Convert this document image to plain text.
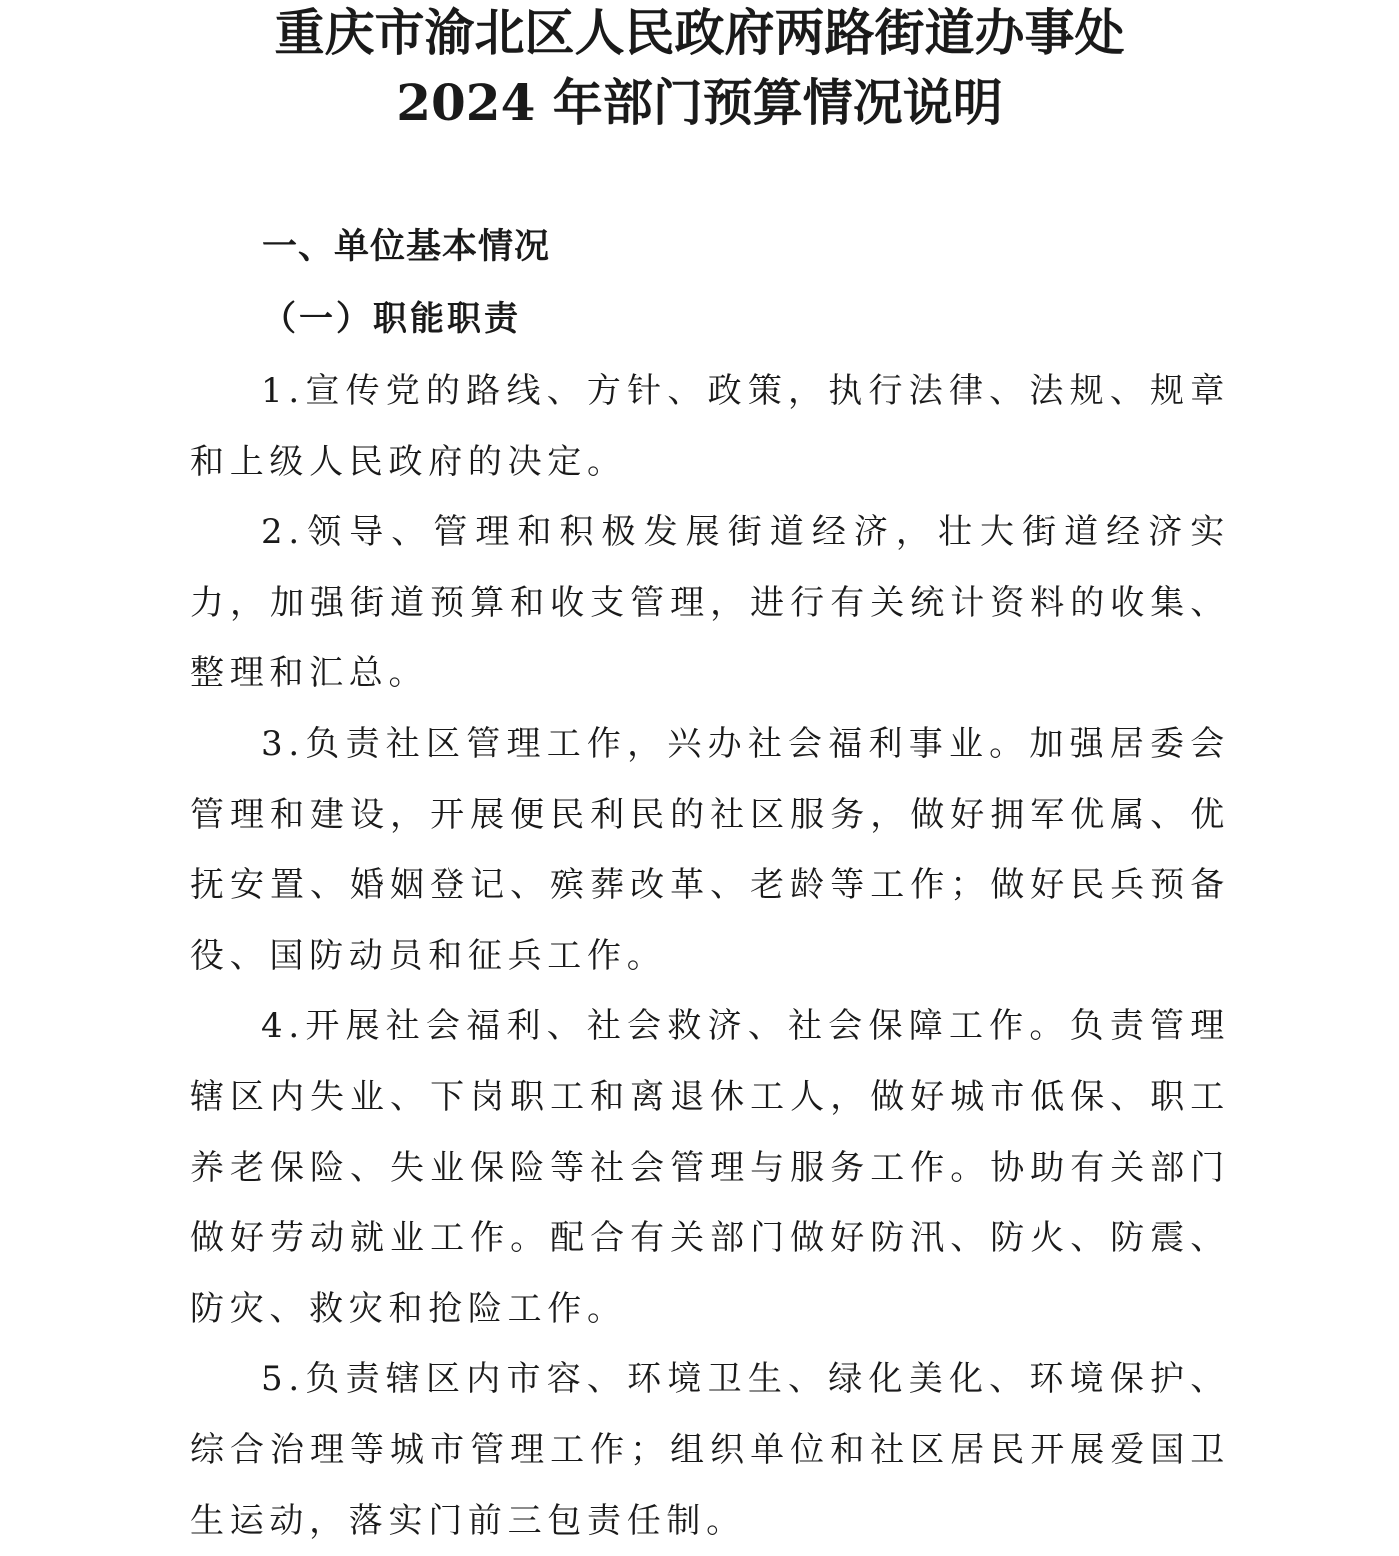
重庆市渝北区人民政府两路街道办事处
2024 年部门预算情况说明
一、单位基本情况
（一）职能职责

1.宣传党的路线、方针、政策，执行法律、法规、规章和上级人民政府的决定。

2.领导、管理和积极发展街道经济，壮大街道经济实力，加强街道预算和收支管理，进行有关统计资料的收集、整理和汇总。

3.负责社区管理工作，兴办社会福利事业。加强居委会管理和建设，开展便民利民的社区服务，做好拥军优属、优抚安置、婚姻登记、殡葬改革、老龄等工作；做好民兵预备役、国防动员和征兵工作。

4.开展社会福利、社会救济、社会保障工作。负责管理辖区内失业、下岗职工和离退休工人，做好城市低保、职工养老保险、失业保险等社会管理与服务工作。协助有关部门做好劳动就业工作。配合有关部门做好防汛、防火、防震、防灾、救灾和抢险工作。

5.负责辖区内市容、环境卫生、绿化美化、环境保护、综合治理等城市管理工作；组织单位和社区居民开展爱国卫生运动，落实门前三包责任制。
